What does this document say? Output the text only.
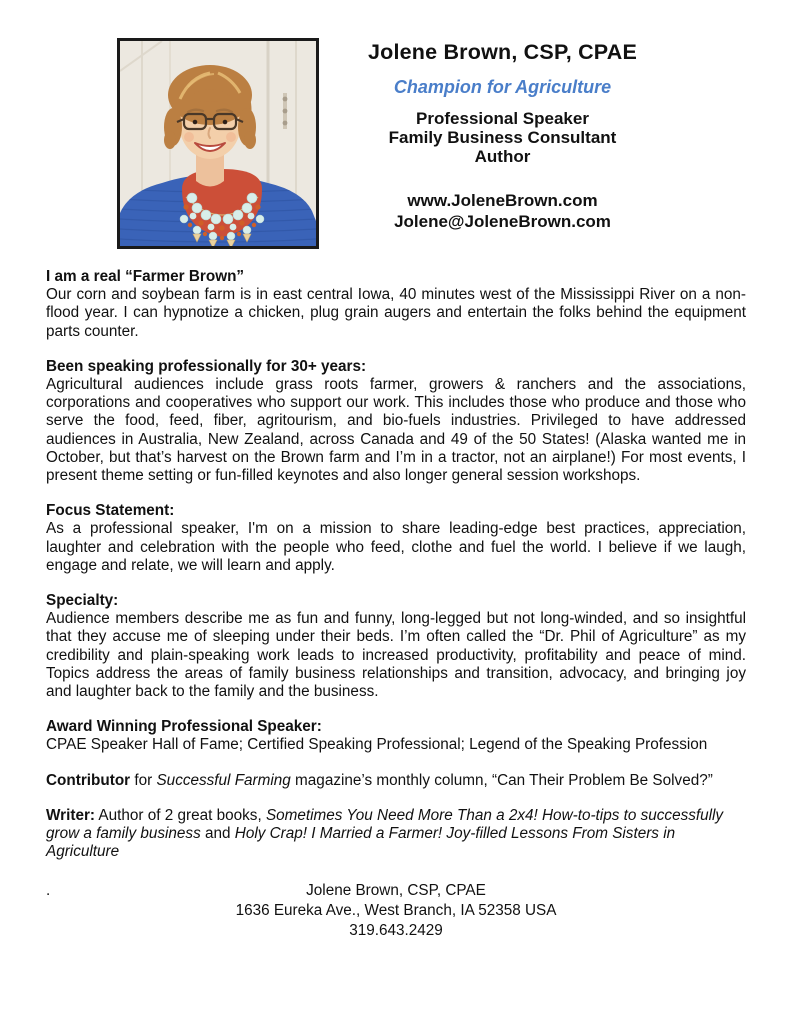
Jolene Brown, CSP, CPAE
Champion for Agriculture
Professional Speaker
Family Business Consultant
Author
www.JoleneBrown.com
Jolene@JoleneBrown.com
I am a real “Farmer Brown”
Our corn and soybean farm is in east central Iowa, 40 minutes west of the Mississippi River on a non-flood year. I can hypnotize a chicken, plug grain augers and entertain the folks behind the equipment parts counter.
Been speaking professionally for 30+ years:
Agricultural audiences include grass roots farmer, growers & ranchers and the associations, corporations and cooperatives who support our work. This includes those who produce and those who serve the food, feed, fiber, agritourism, and bio-fuels industries. Privileged to have addressed audiences in Australia, New Zealand, across Canada and 49 of the 50 States! (Alaska wanted me in October, but that’s harvest on the Brown farm and I’m in a tractor, not an airplane!) For most events, I present theme setting or fun-filled keynotes and also longer general session workshops.
Focus Statement:
As a professional speaker, I'm on a mission to share leading-edge best practices, appreciation, laughter and celebration with the people who feed, clothe and fuel the world. I believe if we laugh, engage and relate, we will learn and apply.
Specialty:
Audience members describe me as fun and funny, long-legged but not long-winded, and so insightful that they accuse me of sleeping under their beds. I’m often called the “Dr. Phil of Agriculture” as my credibility and plain-speaking work leads to increased productivity, profitability and peace of mind. Topics address the areas of family business relationships and transition, advocacy, and bringing joy and laughter back to the family and the business.
Award Winning Professional Speaker:
CPAE Speaker Hall of Fame; Certified Speaking Professional; Legend of the Speaking Profession
Contributor for Successful Farming magazine’s monthly column, “Can Their Problem Be Solved?”
Writer: Author of 2 great books, Sometimes You Need More Than a 2x4! How-to-tips to successfully grow a family business and Holy Crap! I Married a Farmer! Joy-filled Lessons From Sisters in Agriculture
.	Jolene Brown, CSP, CPAE
1636 Eureka Ave., West Branch, IA 52358 USA
319.643.2429
